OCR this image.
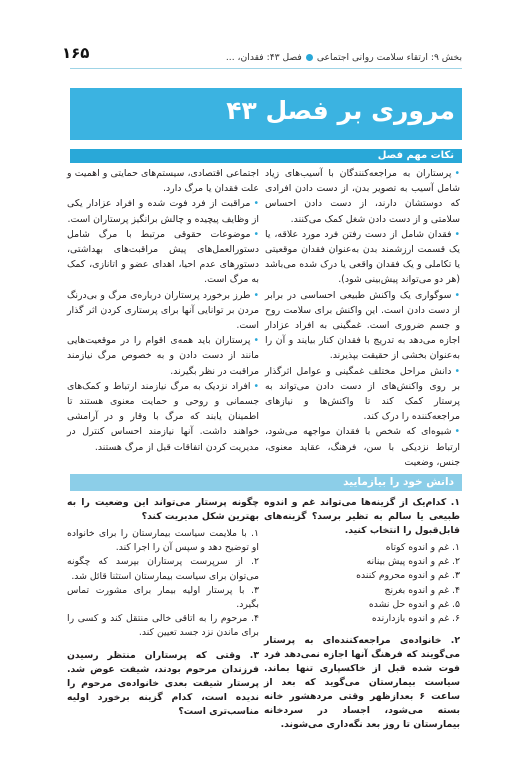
بخش ۹: ارتقاء سلامت روانی اجتماعی
فصل ۴۳: فقدان، ...
۱۶۵
مروری بر فصل ۴۳
نکات مهم فصل

• پرستاران به مراجعه‌کنندگان با آسیب‌های زیاد شامل آسیب به تصویر بدن، از دست دادن افرادی که دوستشان دارند، از دست دادن احساس سلامتی و از دست دادن شغل کمک می‌کنند.

• فقدان شامل از دست رفتن فرد مورد علاقه، یا یک قسمت ارزشمند بدن به‌عنوان فقدان موقعیتی یا تکاملی و یک فقدان واقعی یا درک شده می‌باشد (هر دو می‌تواند پیش‌بینی شود).

• سوگواری یک واکنش طبیعی احساسی در برابر از دست دادن است. این واکنش برای سلامت روح و جسم ضروری است. غمگینی به افراد عزادار اجازه می‌دهد به تدریج با فقدان کنار بیایند و آن را به‌عنوان بخشی از حقیقت بپذیرند.

• دانش مراحل مختلف غمگینی و عوامل اثرگذار بر روی واکنش‌های از دست دادن می‌تواند به پرستار کمک کند تا واکنش‌ها و نیازهای مراجعه‌کننده را درک کند.

• شیوه‌ای که شخص با فقدان مواجهه می‌شود، ارتباط نزدیکی با سن، فرهنگ، عقاید معنوی، جنس، وضعیت

اجتماعی اقتصادی، سیستم‌های حمایتی و اهمیت و علت فقدان یا مرگ دارد.

• مراقبت از فرد فوت شده و افراد عزادار یکی از وظایف پیچیده و چالش برانگیز پرستاران است.

• موضوعات حقوقی مرتبط با مرگ شامل دستورالعمل‌های پیش مراقبت‌های بهداشتی، دستورهای عدم احیا، اهدای عضو و اتانازی، کمک به مرگ است.

• طرز برخورد پرستاران درباره‌ی مرگ و بی‌درنگ مردن بر توانایی آنها برای پرستاری کردن اثر گذار است.

• پرستاران باید همه‌ی اقوام را در موقعیت‌هایی مانند از دست دادن و به خصوص مرگ نیازمند مراقبت در نظر بگیرند.

• افراد نزدیک به مرگ نیازمند ارتباط و کمک‌های جسمانی و روحی و حمایت معنوی هستند تا اطمینان یابند که مرگ با وقار و در آرامشی خواهند داشت. آنها نیازمند احساس کنترل در مدیریت کردن اتفاقات قبل از مرگ هستند.

دانش خود را بیازمایید

۱. کدام‌یک از گزینه‌ها می‌تواند غم و اندوه طبیعی یا سالم به تظیر برسد؟ گزینه‌های قابل‌قبول را انتخاب کنید.

۱. غم و اندوه کوتاه

۲. غم و اندوه پیش بینانه

۳. غم و اندوه محروم کننده

۴. غم و اندوه بغرنج

۵. غم و اندوه حل نشده

۶. غم و اندوه بازدارنده

۲. خانواده‌ی مراجعه‌کننده‌ای به پرستار می‌گویند که فرهنگ آنها اجازه نمی‌دهد فرد فوت شده قبل از خاکسپاری تنها بماند. سیاست بیمارستان می‌گوید که بعد از ساعت ۶ بعدازظهر وقتی مردهشور خانه بسته می‌شود، اجساد در سردخانه بیمارستان تا روز بعد نگه‌داری می‌شوند.

چگونه پرستار می‌تواند این وضعیت را به بهترین شکل مدیریت کند؟

۱. با ملایمت سیاست بیمارستان را برای خانواده او توضیح دهد و سپس آن را اجرا کند.

۲. از سرپرست پرستاران بپرسد که چگونه می‌توان برای سیاست بیمارستان استثنا قائل شد.

۳. با پرستار اولیه بیمار برای مشورت تماس بگیرد.

۴. مرحوم را به اتاقی خالی منتقل کند و کسی را برای ماندن نزد جسد تعیین کند.

۳. وقتی که پرستاران منتظر رسیدن فرزندان مرحوم بودند، شیفت عوض شد. پرستار شیفت بعدی خانواده‌ی مرحوم را ندیده است، کدام گزینه برخورد اولیه مناسب‌تری است؟
